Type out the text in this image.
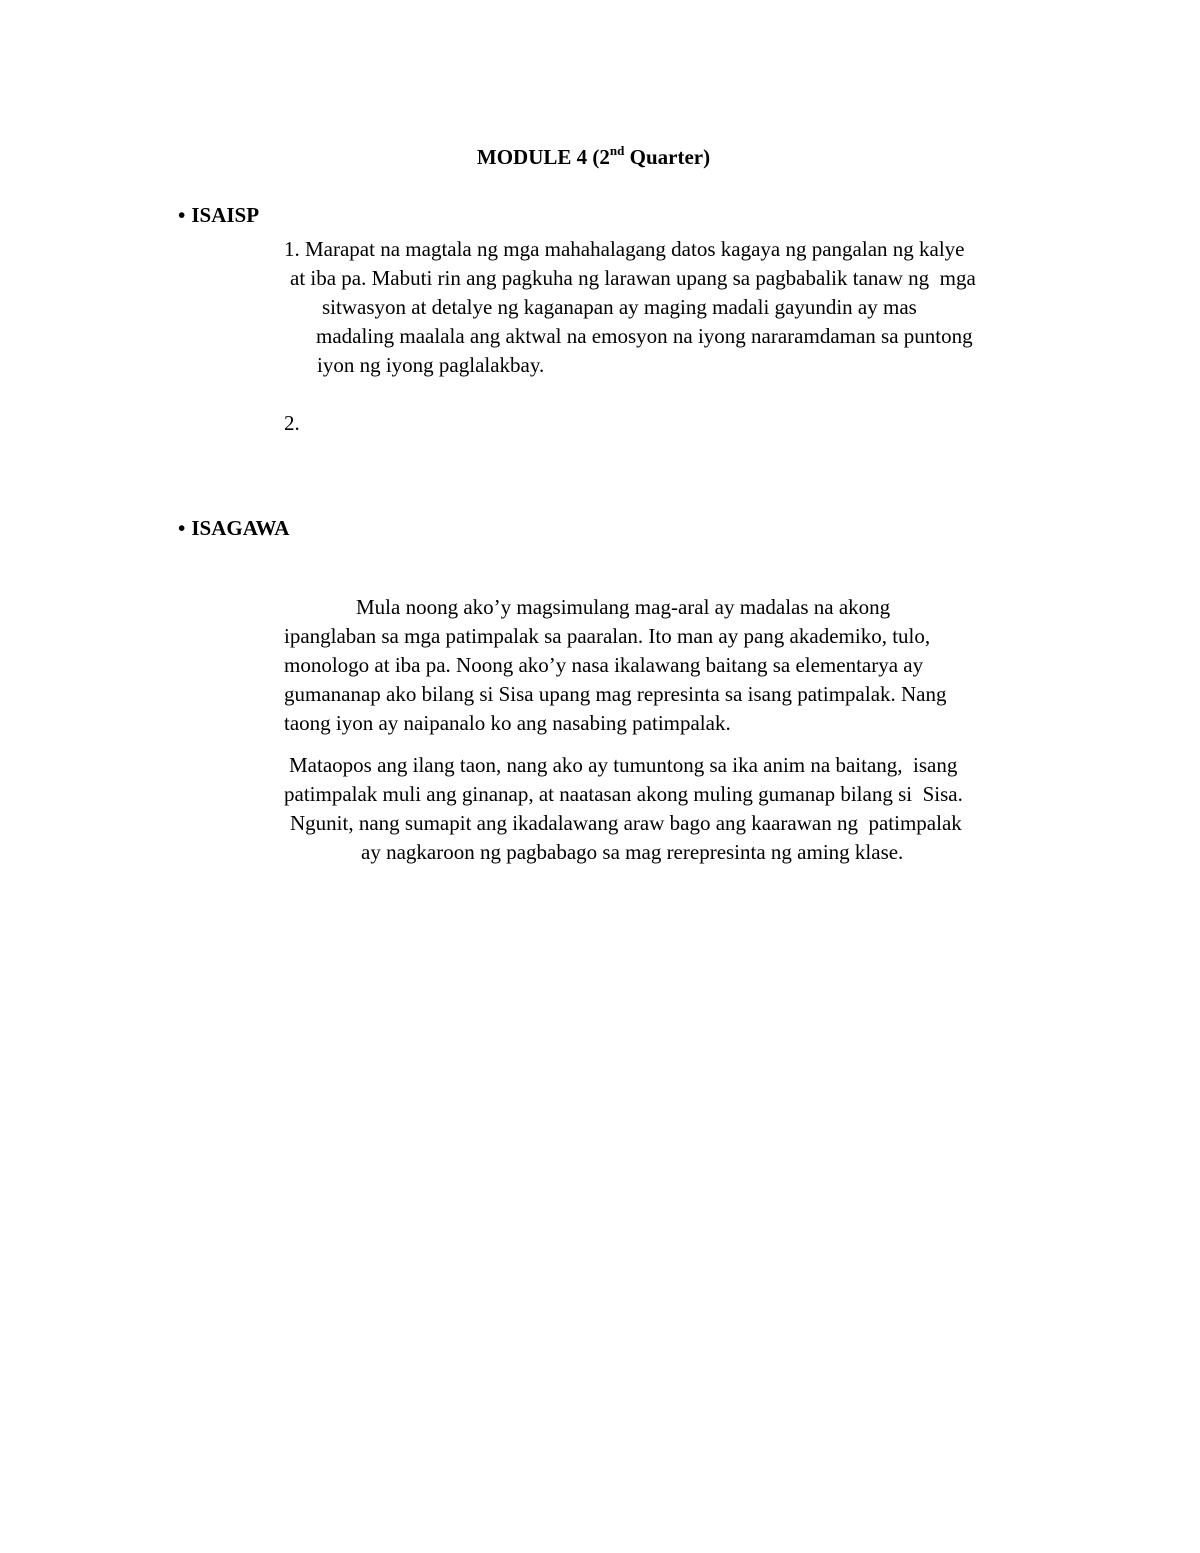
MODULE 4 (2nd Quarter)
• ISAISP
1. Marapat na magtala ng mga mahahalagang datos kagaya ng pangalan ng kalye
at iba pa. Mabuti rin ang pagkuha ng larawan upang sa pagbabalik tanaw ng  mga
sitwasyon at detalye ng kaganapan ay maging madali gayundin ay mas
madaling maalala ang aktwal na emosyon na iyong nararamdaman sa puntong
iyon ng iyong paglalakbay.
2.
• ISAGAWA
Mula noong ako’y magsimulang mag-aral ay madalas na akong
ipanglaban sa mga patimpalak sa paaralan. Ito man ay pang akademiko, tulo,
monologo at iba pa. Noong ako’y nasa ikalawang baitang sa elementarya ay
gumananap ako bilang si Sisa upang mag represinta sa isang patimpalak. Nang
taong iyon ay naipanalo ko ang nasabing patimpalak.
Mataopos ang ilang taon, nang ako ay tumuntong sa ika anim na baitang,  isang
patimpalak muli ang ginanap, at naatasan akong muling gumanap bilang si  Sisa.
Ngunit, nang sumapit ang ikadalawang araw bago ang kaarawan ng  patimpalak
ay nagkaroon ng pagbabago sa mag rerepresinta ng aming klase.
